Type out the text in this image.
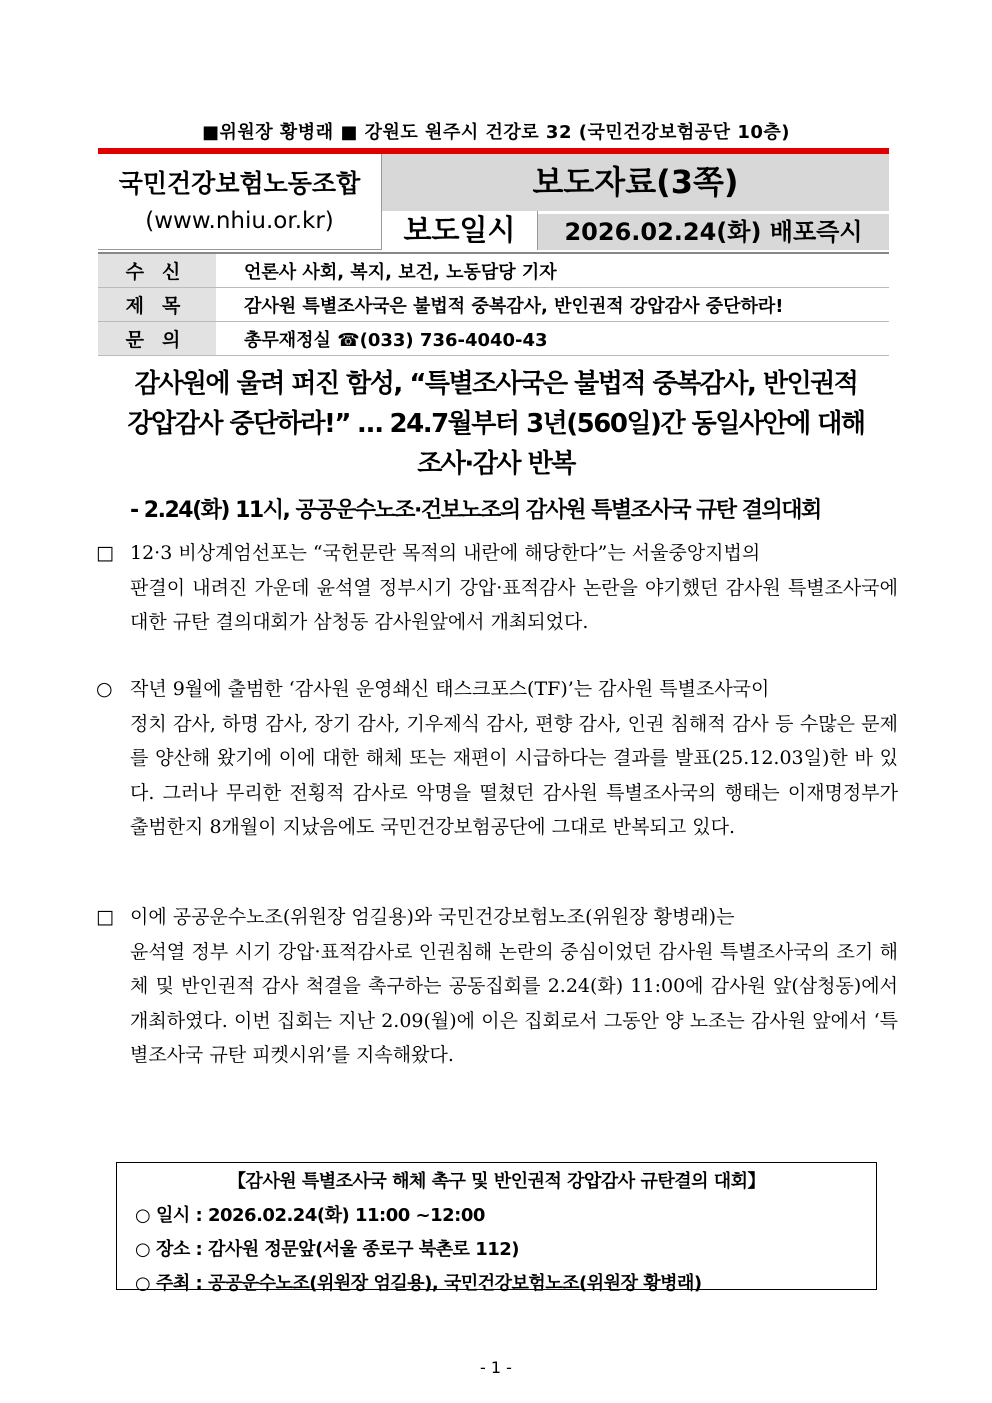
■위원장 황병래 ■ 강원도 원주시 건강로 32 (국민건강보험공단 10층)
국민건강보험노동조합
(www.nhiu.or.kr)
보도자료(3쪽)
보도일시	2026.02.24(화) 배포즉시
수신	언론사 사회, 복지, 보건, 노동담당 기자
제목	감사원 특별조사국은 불법적 중복감사, 반인권적 강압감사 중단하라!
문의	총무재정실 ☎(033) 736-4040-43
감사원에 울려 퍼진 함성, “특별조사국은 불법적 중복감사, 반인권적
강압감사 중단하라!” … 24.7월부터 3년(560일)간 동일사안에 대해
조사·감사 반복
- 2.24(화) 11시, 공공운수노조·건보노조의 감사원 특별조사국 규탄 결의대회
□ 12·3 비상계엄선포는 “국헌문란 목적의 내란에 해당한다”는 서울중앙지법의
판결이 내려진 가운데 윤석열 정부시기 강압·표적감사 논란을 야기했던 감사원 특별조사국에 대한 규탄 결의대회가 삼청동 감사원앞에서 개최되었다.
○ 작년 9월에 출범한 ‘감사원 운영쇄신 태스크포스(TF)’는 감사원 특별조사국이
정치 감사, 하명 감사, 장기 감사, 기우제식 감사, 편향 감사, 인권 침해적 감사 등 수많은 문제를 양산해 왔기에 이에 대한 해체 또는 재편이 시급하다는 결과를 발표(25.12.03일)한 바 있다. 그러나 무리한 전횡적 감사로 악명을 떨쳤던 감사원 특별조사국의 행태는 이재명정부가 출범한지 8개월이 지났음에도 국민건강보험공단에 그대로 반복되고 있다.
□ 이에 공공운수노조(위원장 엄길용)와 국민건강보험노조(위원장 황병래)는
윤석열 정부 시기 강압·표적감사로 인권침해 논란의 중심이었던 감사원 특별조사국의 조기 해체 및 반인권적 감사 척결을 촉구하는 공동집회를 2.24(화) 11:00에 감사원 앞(삼청동)에서 개최하였다. 이번 집회는 지난 2.09(월)에 이은 집회로서 그동안 양 노조는 감사원 앞에서 ‘특별조사국 규탄 피켓시위’를 지속해왔다.
【감사원 특별조사국 해체 촉구 및 반인권적 강압감사 규탄결의 대회】
○ 일시 : 2026.02.24(화) 11:00 ~12:00
○ 장소 : 감사원 정문앞(서울 종로구 북촌로 112)
○ 주최 : 공공운수노조(위원장 엄길용), 국민건강보험노조(위원장 황병래)
- 1 -
